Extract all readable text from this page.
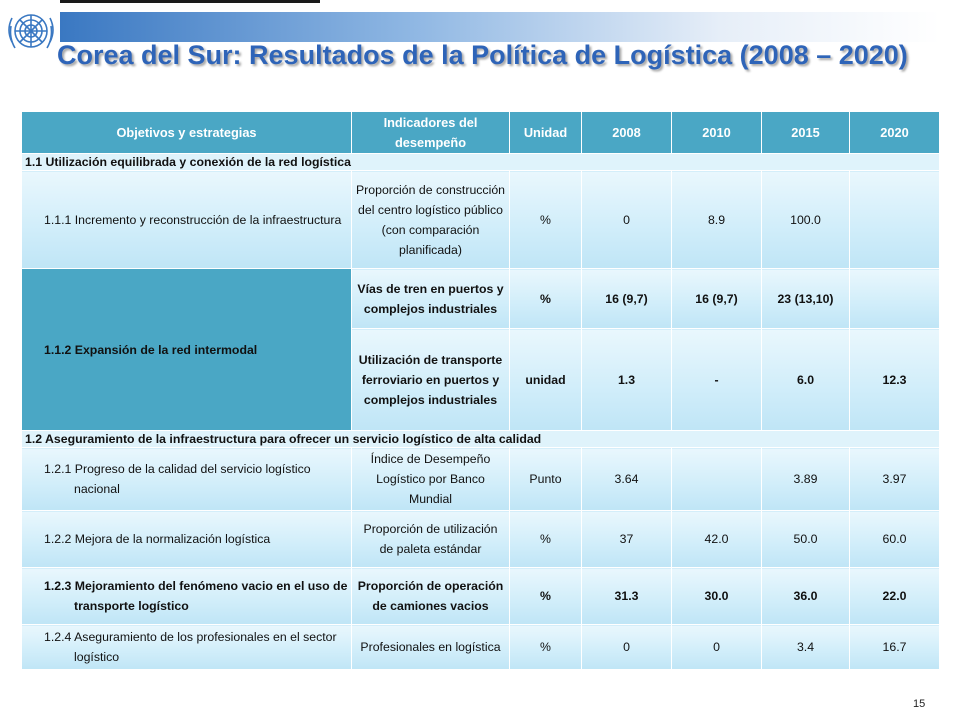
Corea del Sur: Resultados de la Política de Logística (2008 – 2020)
Objetivos y estrategias	Indicadores del desempeño	Unidad	2008	2010	2015	2020
1.1 Utilización equilibrada y conexión de la red logística						

1.1.1 Incremento y reconstrucción de la infraestructura	Proporción de construcción del centro logístico público (con comparación planificada)	%	0	8.9	100.0	

1.1.2 Expansión de la red intermodal	Vías de tren en puertos y complejos industriales	%	16 (9,7)	16 (9,7)	23 (13,10)	
	Utilización de transporte ferroviario en puertos y complejos industriales	unidad	1.3	-	6.0	12.3
1.2 Aseguramiento de la infraestructura para ofrecer un servicio logístico de alta calidad						

1.2.1 Progreso de la calidad del servicio logístico nacional	Índice de Desempeño Logístico por Banco Mundial	Punto	3.64		3.89	3.97

1.2.2 Mejora de la normalización logística	Proporción de utilización de paleta estándar	%	37	42.0	50.0	60.0

1.2.3 Mejoramiento del fenómeno vacio en el uso de transporte logístico	Proporción de operación de camiones vacios	%	31.3	30.0	36.0	22.0

1.2.4 Aseguramiento de los profesionales en el sector logístico	Profesionales en logística	%	0	0	3.4	16.7
15
